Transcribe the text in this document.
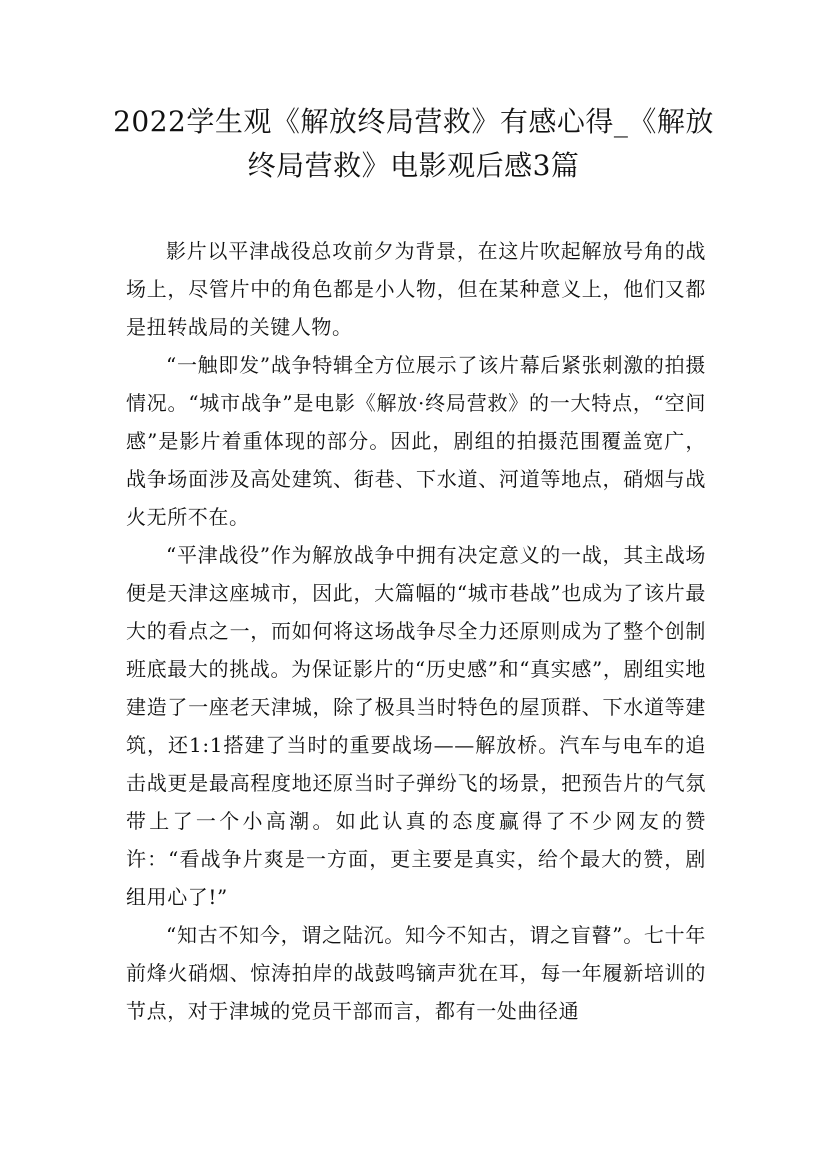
2022学生观《解放终局营救》有感心得_《解放终局营救》电影观后感3篇

影片以平津战役总攻前夕为背景，在这片吹起解放号角的战场上，尽管片中的角色都是小人物，但在某种意义上，他们又都是扭转战局的关键人物。

“一触即发”战争特辑全方位展示了该片幕后紧张刺激的拍摄情况。“城市战争”是电影《解放·终局营救》的一大特点，“空间感”是影片着重体现的部分。因此，剧组的拍摄范围覆盖宽广，战争场面涉及高处建筑、街巷、下水道、河道等地点，硝烟与战火无所不在。

“平津战役”作为解放战争中拥有决定意义的一战，其主战场便是天津这座城市，因此，大篇幅的“城市巷战”也成为了该片最大的看点之一，而如何将这场战争尽全力还原则成为了整个创制班底最大的挑战。为保证影片的“历史感”和“真实感”，剧组实地建造了一座老天津城，除了极具当时特色的屋顶群、下水道等建筑，还1:1搭建了当时的重要战场——解放桥。汽车与电车的追击战更是最高程度地还原当时子弹纷飞的场景，把预告片的气氛带上了一个小高潮。如此认真的态度赢得了不少网友的赞许：“看战争片爽是一方面，更主要是真实，给个最大的赞，剧组用心了!”

“知古不知今，谓之陆沉。知今不知古，谓之盲瞽”。七十年前烽火硝烟、惊涛拍岸的战鼓鸣镝声犹在耳，每一年履新培训的节点，对于津城的党员干部而言，都有一处曲径通
